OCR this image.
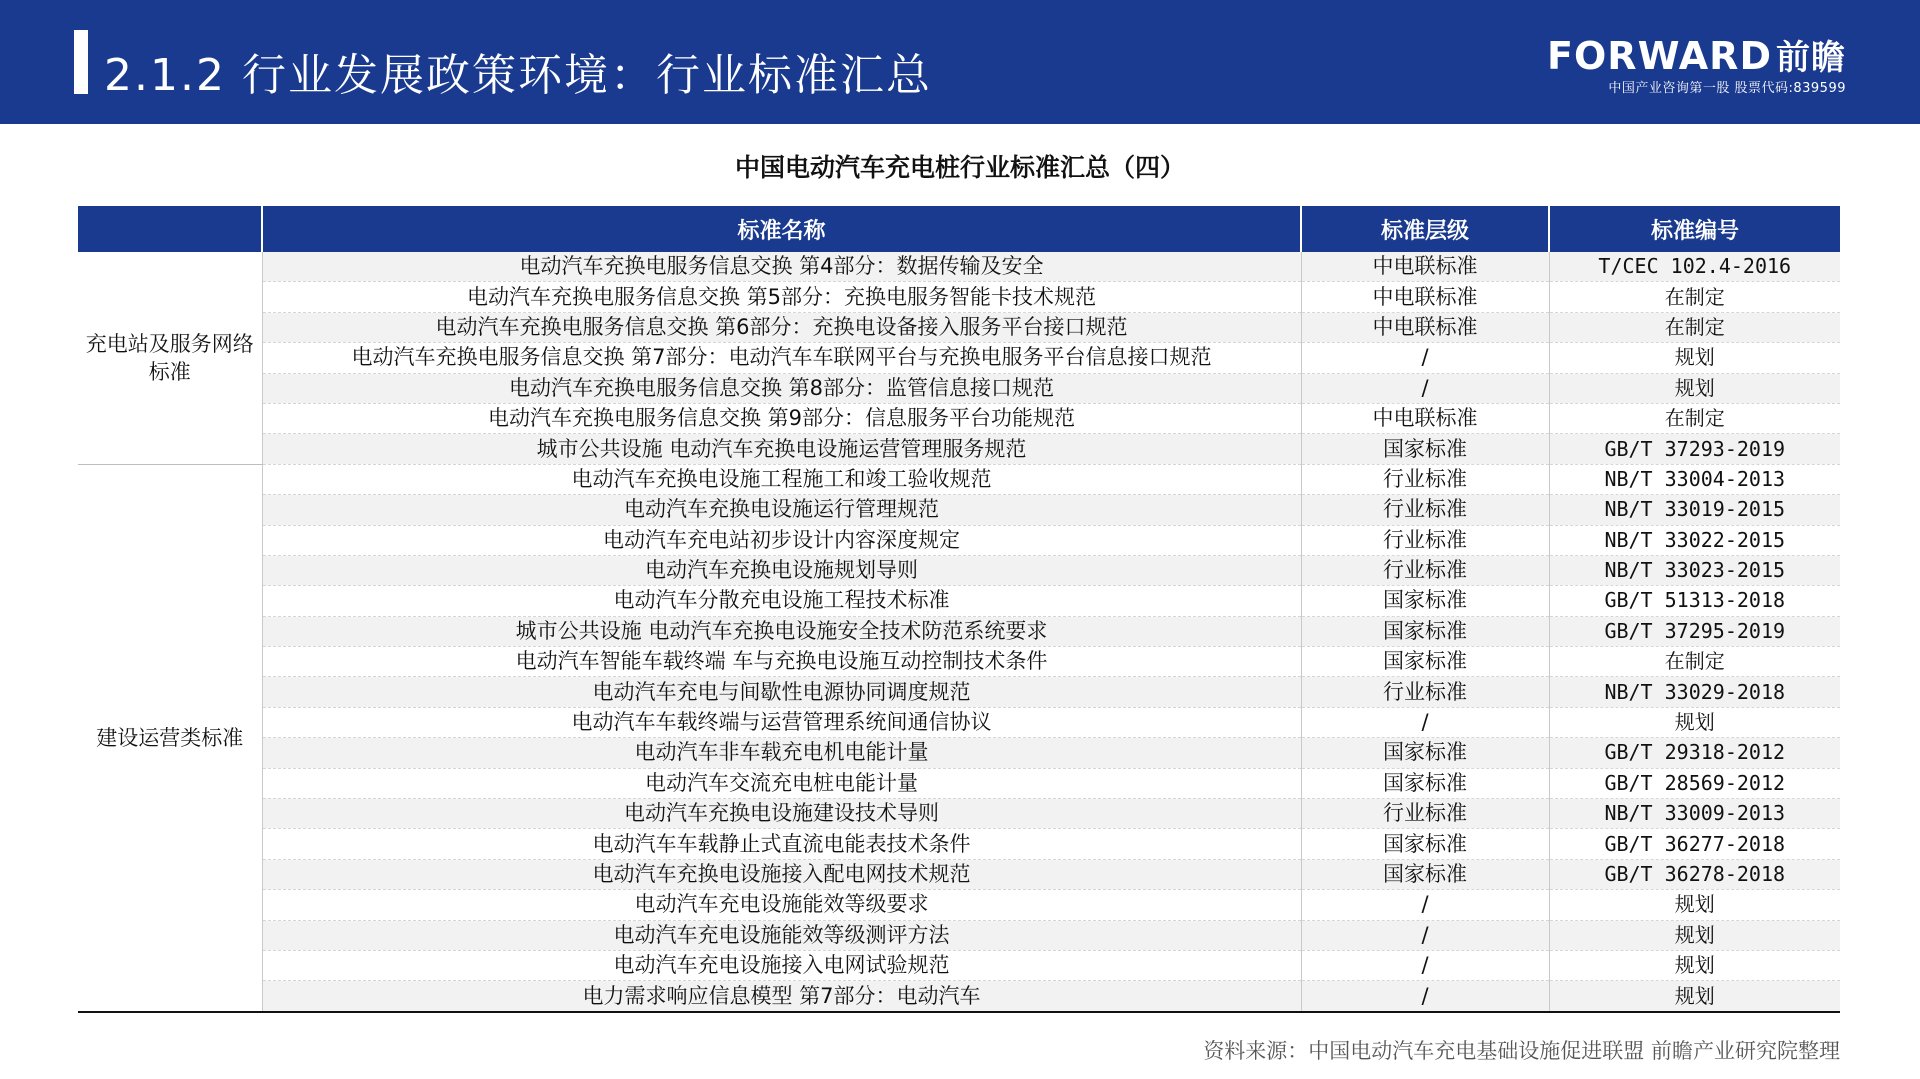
2.1.2 行业发展政策环境：行业标准汇总	FORWARD 前瞻
中国产业咨询第一股 股票代码:839599
中国电动汽车充电桩行业标准汇总（四）
	标准名称	标准层级	标准编号
充电站及服务网络标准	电动汽车充换电服务信息交换 第4部分：数据传输及安全	中电联标准	T/CEC 102.4-2016
	电动汽车充换电服务信息交换 第5部分：充换电服务智能卡技术规范	中电联标准	在制定
	电动汽车充换电服务信息交换 第6部分：充换电设备接入服务平台接口规范	中电联标准	在制定
	电动汽车充换电服务信息交换 第7部分：电动汽车车联网平台与充换电服务平台信息接口规范	/	规划
	电动汽车充换电服务信息交换 第8部分：监管信息接口规范	/	规划
	电动汽车充换电服务信息交换 第9部分：信息服务平台功能规范	中电联标准	在制定
	城市公共设施 电动汽车充换电设施运营管理服务规范	国家标准	GB/T 37293-2019
建设运营类标准	电动汽车充换电设施工程施工和竣工验收规范	行业标准	NB/T 33004-2013
	电动汽车充换电设施运行管理规范	行业标准	NB/T 33019-2015
	电动汽车充电站初步设计内容深度规定	行业标准	NB/T 33022-2015
	电动汽车充换电设施规划导则	行业标准	NB/T 33023-2015
	电动汽车分散充电设施工程技术标准	国家标准	GB/T 51313-2018
	城市公共设施 电动汽车充换电设施安全技术防范系统要求	国家标准	GB/T 37295-2019
	电动汽车智能车载终端 车与充换电设施互动控制技术条件	国家标准	在制定
	电动汽车充电与间歇性电源协同调度规范	行业标准	NB/T 33029-2018
	电动汽车车载终端与运营管理系统间通信协议	/	规划
	电动汽车非车载充电机电能计量	国家标准	GB/T 29318-2012
	电动汽车交流充电桩电能计量	国家标准	GB/T 28569-2012
	电动汽车充换电设施建设技术导则	行业标准	NB/T 33009-2013
	电动汽车车载静止式直流电能表技术条件	国家标准	GB/T 36277-2018
	电动汽车充换电设施接入配电网技术规范	国家标准	GB/T 36278-2018
	电动汽车充电设施能效等级要求	/	规划
	电动汽车充电设施能效等级测评方法	/	规划
	电动汽车充电设施接入电网试验规范	/	规划
	电力需求响应信息模型 第7部分：电动汽车	/	规划
资料来源：中国电动汽车充电基础设施促进联盟 前瞻产业研究院整理
